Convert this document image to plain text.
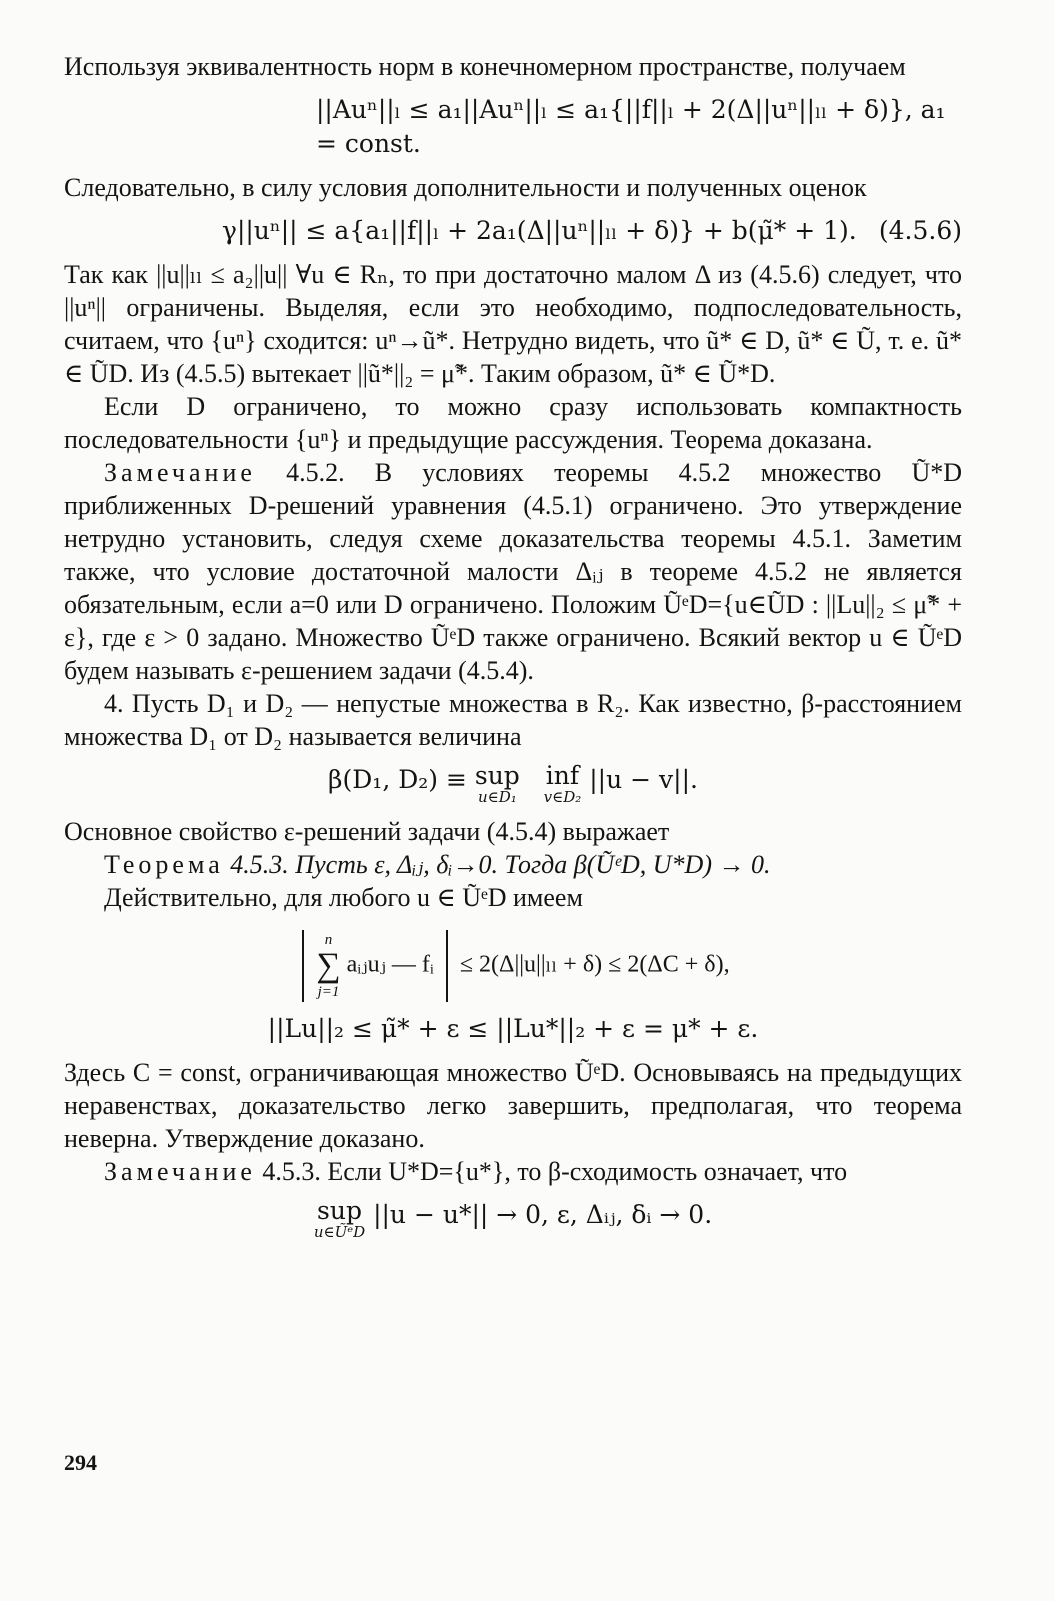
Используя эквивалентность норм в конечномерном пространстве, получаем

||Auⁿ||ₗ ≤ a₁||Auⁿ||ₗ ≤ a₁{||f||ₗ + 2(Δ||uⁿ||ₗₗ + δ)}, a₁ = const.

Следовательно, в силу условия дополнительности и полученных оценок

γ||uⁿ|| ≤ a{a₁||f||ₗ + 2a₁(Δ||uⁿ||ₗₗ + δ)} + b(μ̃* + 1). (4.5.6)

Так как ||u||ₗₗ ≤ a₂||u|| ∀u ∈ Rₙ, то при достаточно малом Δ из (4.5.6) следует, что ||uⁿ|| ограничены. Выделяя, если это необходимо, подпоследовательность, считаем, что {uⁿ} сходится: uⁿ→ũ*. Нетрудно видеть, что ũ* ∈ D, ũ* ∈ Ũ, т. е. ũ* ∈ ŨD. Из (4.5.5) вытекает ||ũ*||₂ = μ̃*. Таким образом, ũ* ∈ Ũ*D.

Если D ограничено, то можно сразу использовать компактность последовательности {uⁿ} и предыдущие рассуждения. Теорема доказана.

Замечание 4.5.2. В условиях теоремы 4.5.2 множество Ũ*D приближенных D-решений уравнения (4.5.1) ограничено. Это утверждение нетрудно установить, следуя схеме доказательства теоремы 4.5.1. Заметим также, что условие достаточной малости Δᵢⱼ в теореме 4.5.2 не является обязательным, если a=0 или D ограничено. Положим ŨᵉD={u∈ŨD : ||Lu||₂ ≤ μ̃* + ε}, где ε > 0 задано. Множество ŨᵉD также ограничено. Всякий вектор u ∈ ŨᵉD будем называть ε-решением задачи (4.5.4).

4. Пусть D₁ и D₂ — непустые множества в R₂. Как известно, β-расстоянием множества D₁ от D₂ называется величина

β(D₁, D₂) ≡ sup
u∈D₁
inf
v∈D₂
||u − v||.

Основное свойство ε-решений задачи (4.5.4) выражает

Теорема 4.5.3. Пусть ε, Δᵢⱼ, δᵢ→0. Тогда β(ŨᵉD, U*D) → 0.

Действительно, для любого u ∈ ŨᵉD имеем

n
∑
j=1
aᵢⱼuⱼ — fᵢ ≤ 2(Δ||u||ₗₗ + δ) ≤ 2(ΔC + δ),
||Lu||₂ ≤ μ̃* + ε ≤ ||Lu*||₂ + ε = μ* + ε.

Здесь C = const, ограничивающая множество ŨᵉD. Основываясь на предыдущих неравенствах, доказательство легко завершить, предполагая, что теорема неверна. Утверждение доказано.

Замечание 4.5.3. Если U*D={u*}, то β-сходимость означает, что

sup
u∈ŨᵉD
||u − u*|| → 0, ε, Δᵢⱼ, δᵢ → 0.
294
